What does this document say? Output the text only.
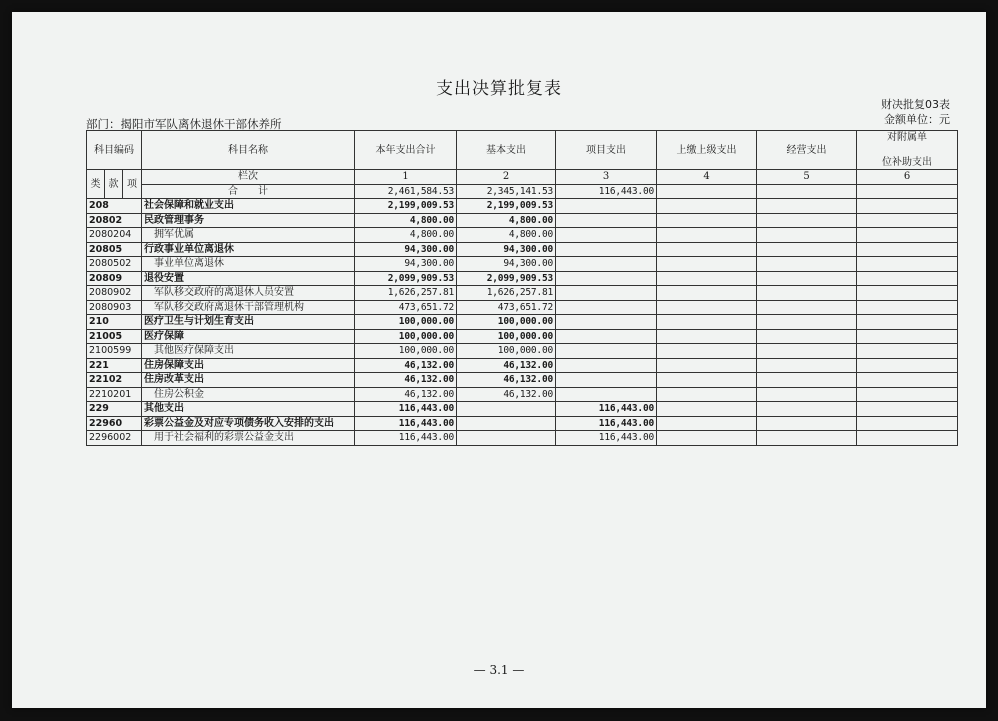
支出决算批复表
财决批复03表
金额单位：元
部门：揭阳市军队离休退休干部休养所
科目编码			科目名称	本年支出合计	基本支出	项目支出	上缴上级支出	经营支出	对附属单
位补助支出

类	款	项	栏次	1	2	3	4	5	6
			合　　计	2,461,584.53	2,345,141.53	116,443.00			
208			社会保障和就业支出	2,199,009.53	2,199,009.53				
20802			民政管理事务	4,800.00	4,800.00				
2080204			拥军优属	4,800.00	4,800.00				
20805			行政事业单位离退休	94,300.00	94,300.00				
2080502			事业单位离退休	94,300.00	94,300.00				
20809			退役安置	2,099,909.53	2,099,909.53				
2080902			军队移交政府的离退休人员安置	1,626,257.81	1,626,257.81				
2080903			军队移交政府离退休干部管理机构	473,651.72	473,651.72				
210			医疗卫生与计划生育支出	100,000.00	100,000.00				
21005			医疗保障	100,000.00	100,000.00				
2100599			其他医疗保障支出	100,000.00	100,000.00				
221			住房保障支出	46,132.00	46,132.00				
22102			住房改革支出	46,132.00	46,132.00				
2210201			住房公积金	46,132.00	46,132.00				
229			其他支出	116,443.00		116,443.00			
22960			彩票公益金及对应专项债务收入安排的支出	116,443.00		116,443.00			
2296002			用于社会福利的彩票公益金支出	116,443.00		116,443.00			
— 3.1 —
